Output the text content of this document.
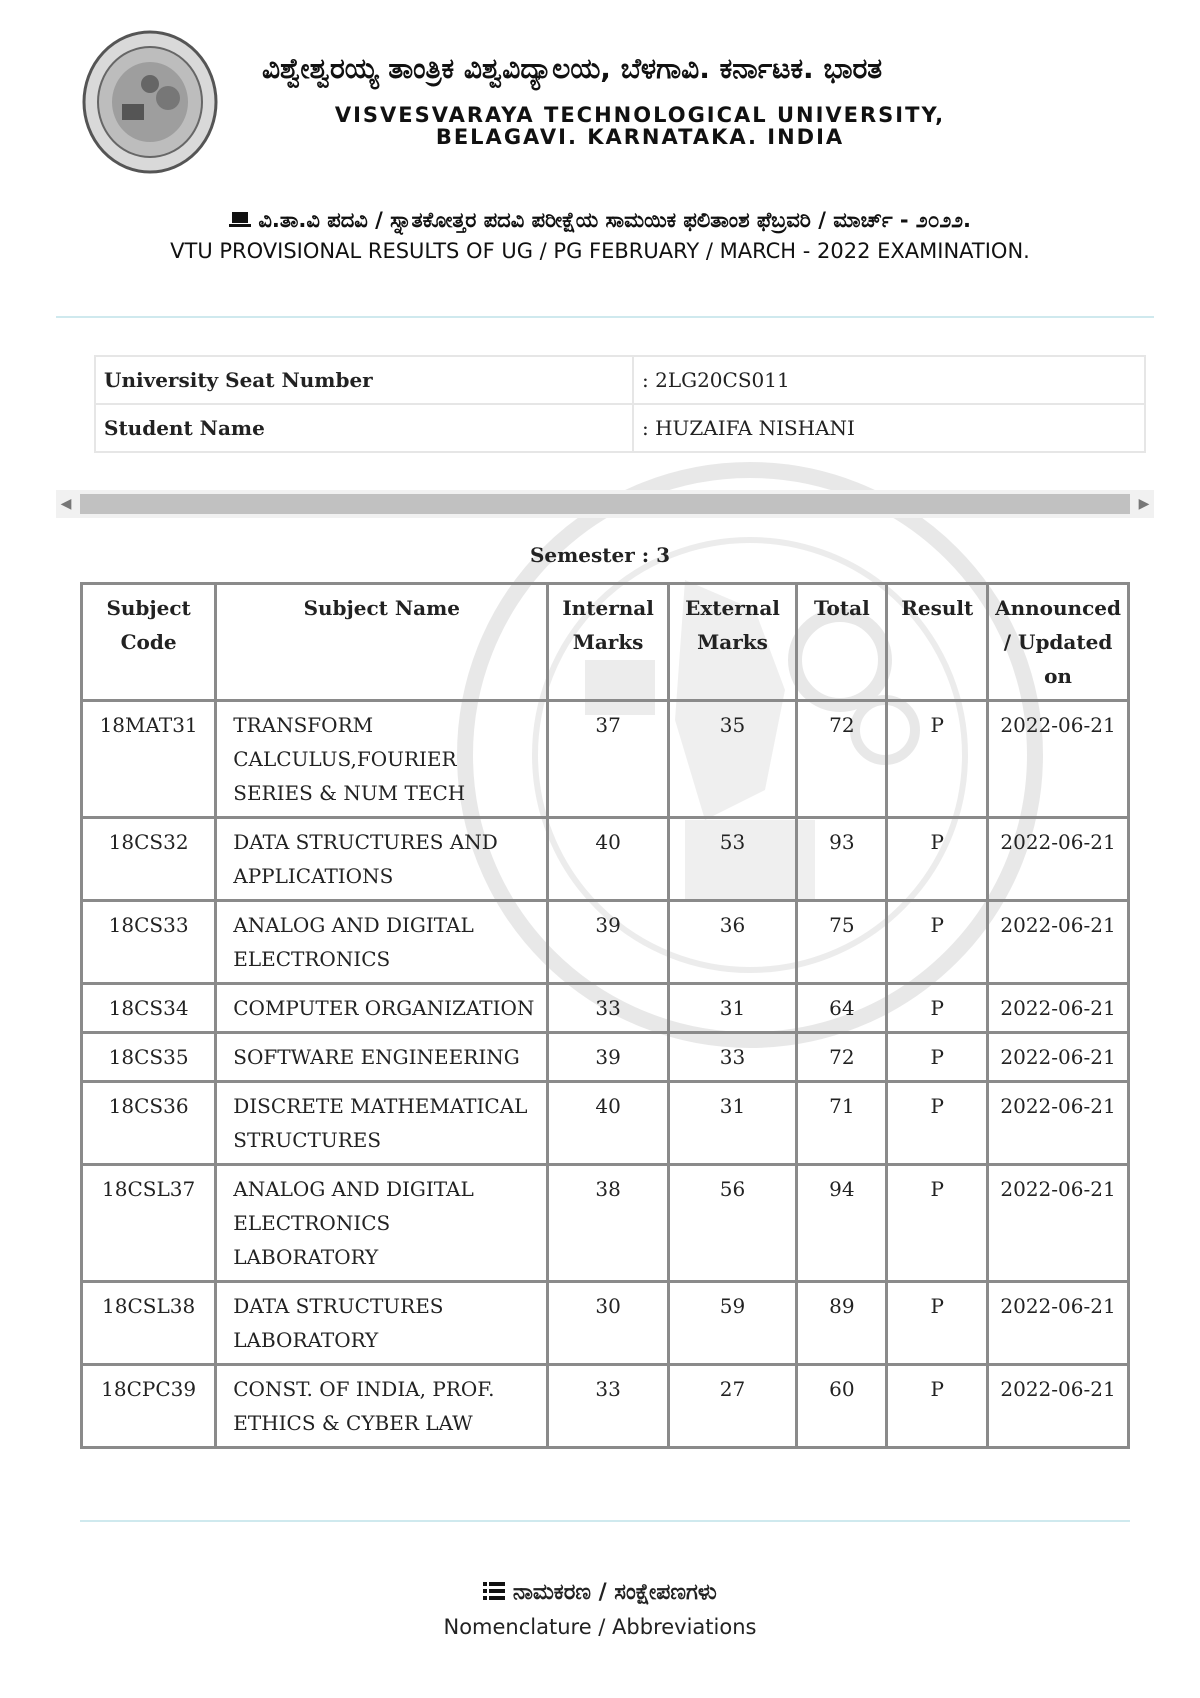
ವಿಶ್ವೇಶ್ವರಯ್ಯ ತಾಂತ್ರಿಕ ವಿಶ್ವವಿದ್ಯಾಲಯ, ಬೆಳಗಾವಿ. ಕರ್ನಾಟಕ. ಭಾರತ
VISVESVARAYA TECHNOLOGICAL UNIVERSITY,
BELAGAVI. KARNATAKA. INDIA
ವಿ.ತಾ.ವಿ ಪದವಿ / ಸ್ನಾತಕೋತ್ತರ ಪದವಿ ಪರೀಕ್ಷೆಯ ಸಾಮಯಿಕ ಫಲಿತಾಂಶ ಫೆಬ್ರವರಿ / ಮಾರ್ಚ್ - ೨೦೨೨.
VTU PROVISIONAL RESULTS OF UG / PG FEBRUARY / MARCH - 2022 EXAMINATION.
University Seat Number	: 2LG20CS011
Student Name	: HUZAIFA NISHANI
◀	▶
Semester : 3
Subject Code	Subject Name	Internal Marks	External Marks	Total	Result	Announced / Updated on
18MAT31	TRANSFORM CALCULUS,FOURIER SERIES & NUM TECH	37	35	72	P	2022-06-21
18CS32	DATA STRUCTURES AND APPLICATIONS	40	53	93	P	2022-06-21
18CS33	ANALOG AND DIGITAL ELECTRONICS	39	36	75	P	2022-06-21
18CS34	COMPUTER ORGANIZATION	33	31	64	P	2022-06-21
18CS35	SOFTWARE ENGINEERING	39	33	72	P	2022-06-21
18CS36	DISCRETE MATHEMATICAL STRUCTURES	40	31	71	P	2022-06-21
18CSL37	ANALOG AND DIGITAL ELECTRONICS LABORATORY	38	56	94	P	2022-06-21
18CSL38	DATA STRUCTURES LABORATORY	30	59	89	P	2022-06-21
18CPC39	CONST. OF INDIA, PROF. ETHICS & CYBER LAW	33	27	60	P	2022-06-21
ನಾಮಕರಣ / ಸಂಕ್ಷೇಪಣಗಳು
Nomenclature / Abbreviations
